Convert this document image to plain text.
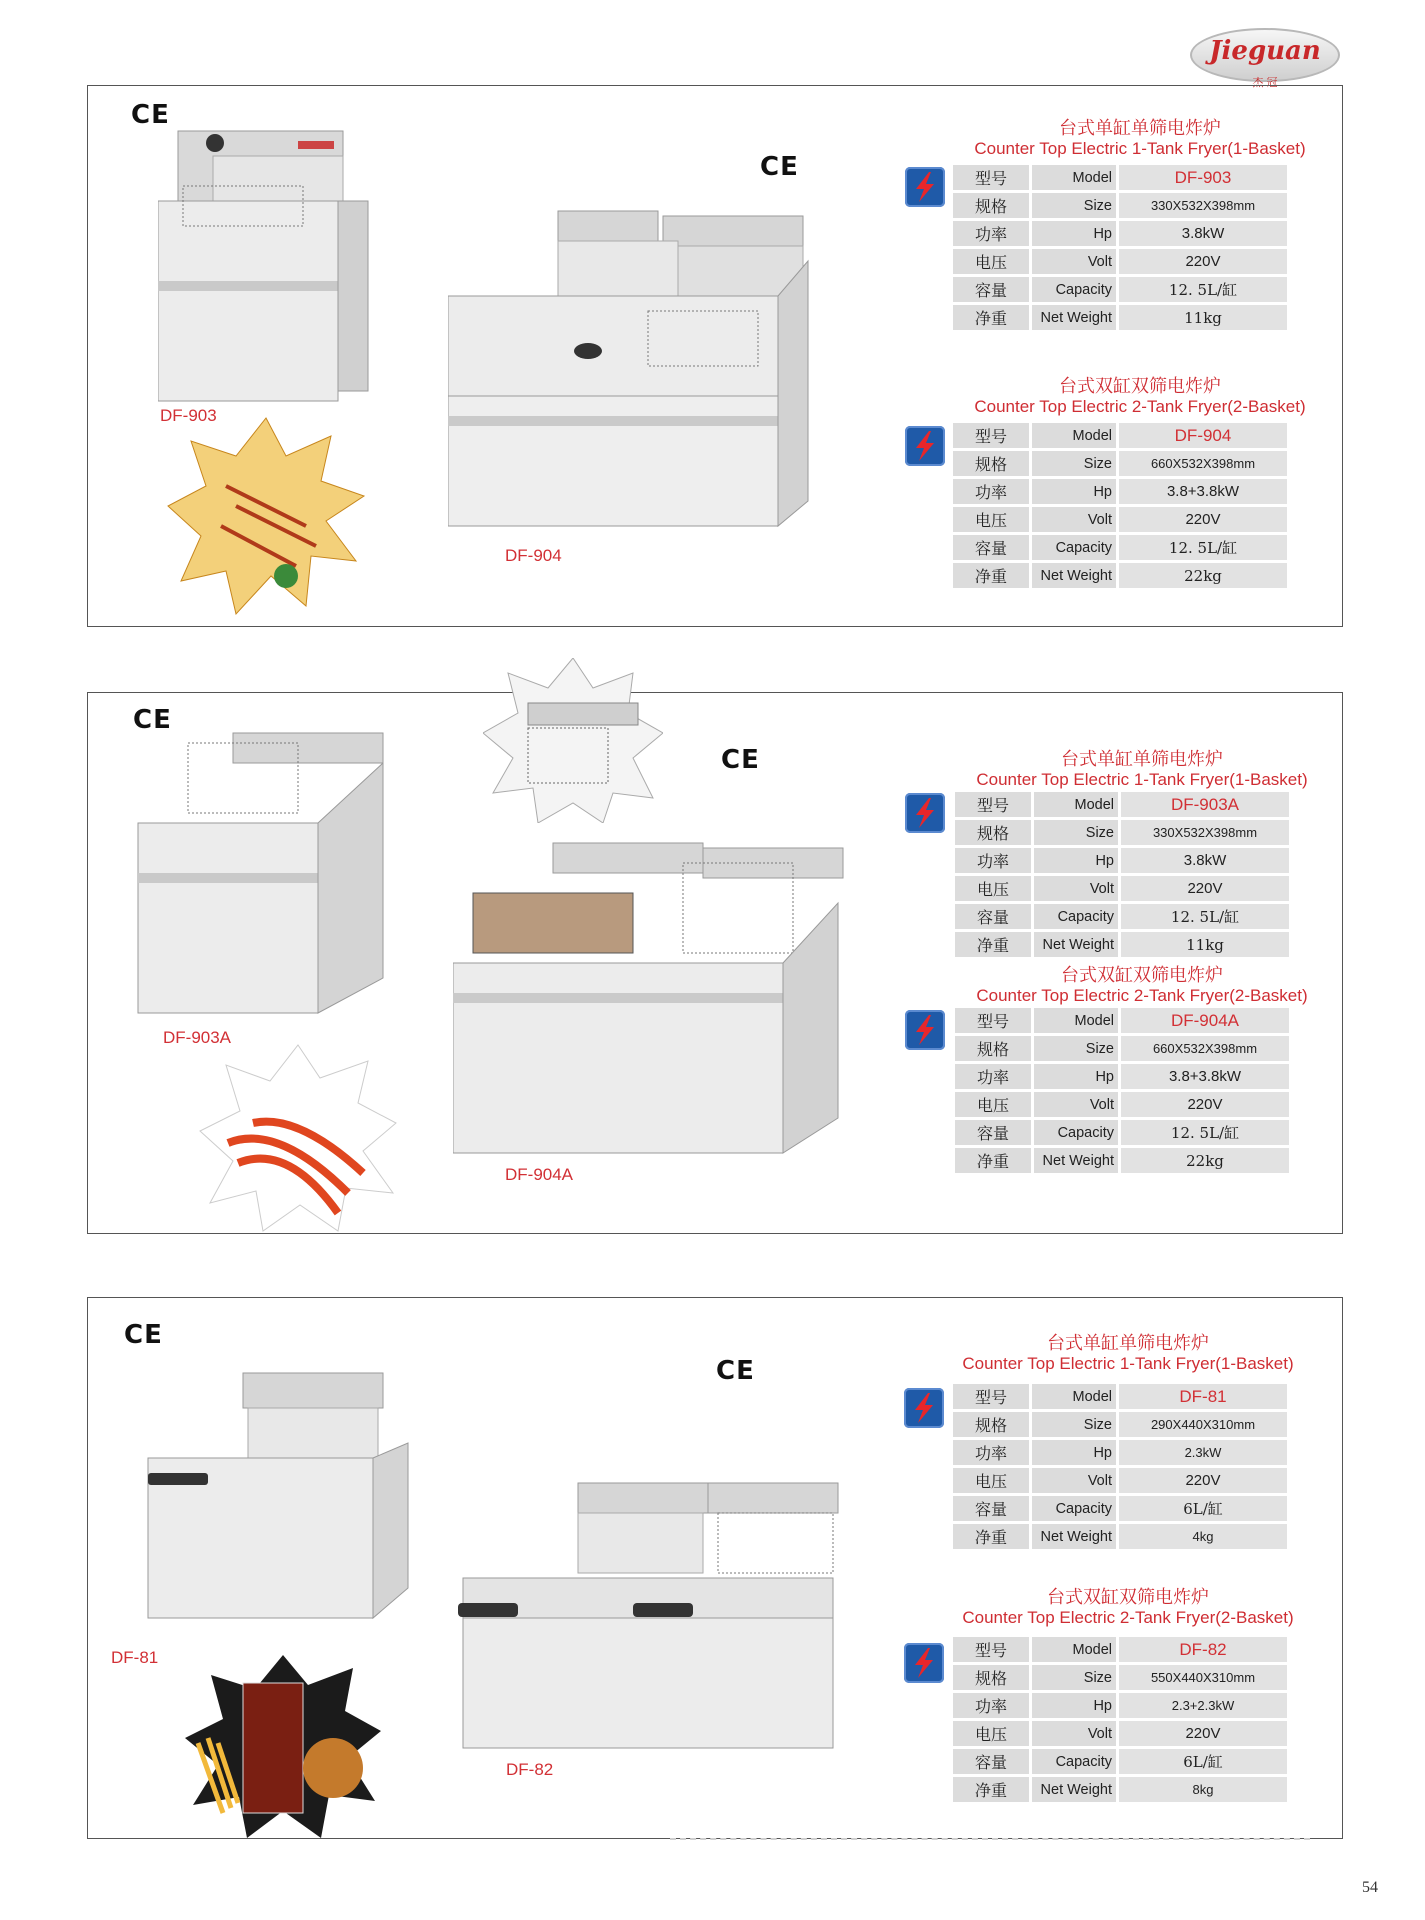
Jieguan
杰 冠
CE
CE
DF-903
DF-904
台式单缸单筛电炸炉
Counter Top Electric 1-Tank Fryer(1-Basket)
型号	Model	DF-903
规格	Size	330X532X398mm
功率	Hp	3.8kW
电压	Volt	220V
容量	Capacity	12. 5L/缸
净重	Net Weight	11kg
台式双缸双筛电炸炉
Counter Top Electric 2-Tank Fryer(2-Basket)
型号	Model	DF-904
规格	Size	660X532X398mm
功率	Hp	3.8+3.8kW
电压	Volt	220V
容量	Capacity	12. 5L/缸
净重	Net Weight	22kg
CE
CE
DF-903A
DF-904A
台式单缸单筛电炸炉
Counter Top Electric 1-Tank Fryer(1-Basket)
型号	Model	DF-903A
规格	Size	330X532X398mm
功率	Hp	3.8kW
电压	Volt	220V
容量	Capacity	12. 5L/缸
净重	Net Weight	11kg
台式双缸双筛电炸炉
Counter Top Electric 2-Tank Fryer(2-Basket)
型号	Model	DF-904A
规格	Size	660X532X398mm
功率	Hp	3.8+3.8kW
电压	Volt	220V
容量	Capacity	12. 5L/缸
净重	Net Weight	22kg
CE
CE
DF-81
DF-82
台式单缸单筛电炸炉
Counter Top Electric 1-Tank Fryer(1-Basket)
型号	Model	DF-81
规格	Size	290X440X310mm
功率	Hp	2.3kW
电压	Volt	220V
容量	Capacity	6L/缸
净重	Net Weight	4kg
台式双缸双筛电炸炉
Counter Top Electric 2-Tank Fryer(2-Basket)
型号	Model	DF-82
规格	Size	550X440X310mm
功率	Hp	2.3+2.3kW
电压	Volt	220V
容量	Capacity	6L/缸
净重	Net Weight	8kg
54
